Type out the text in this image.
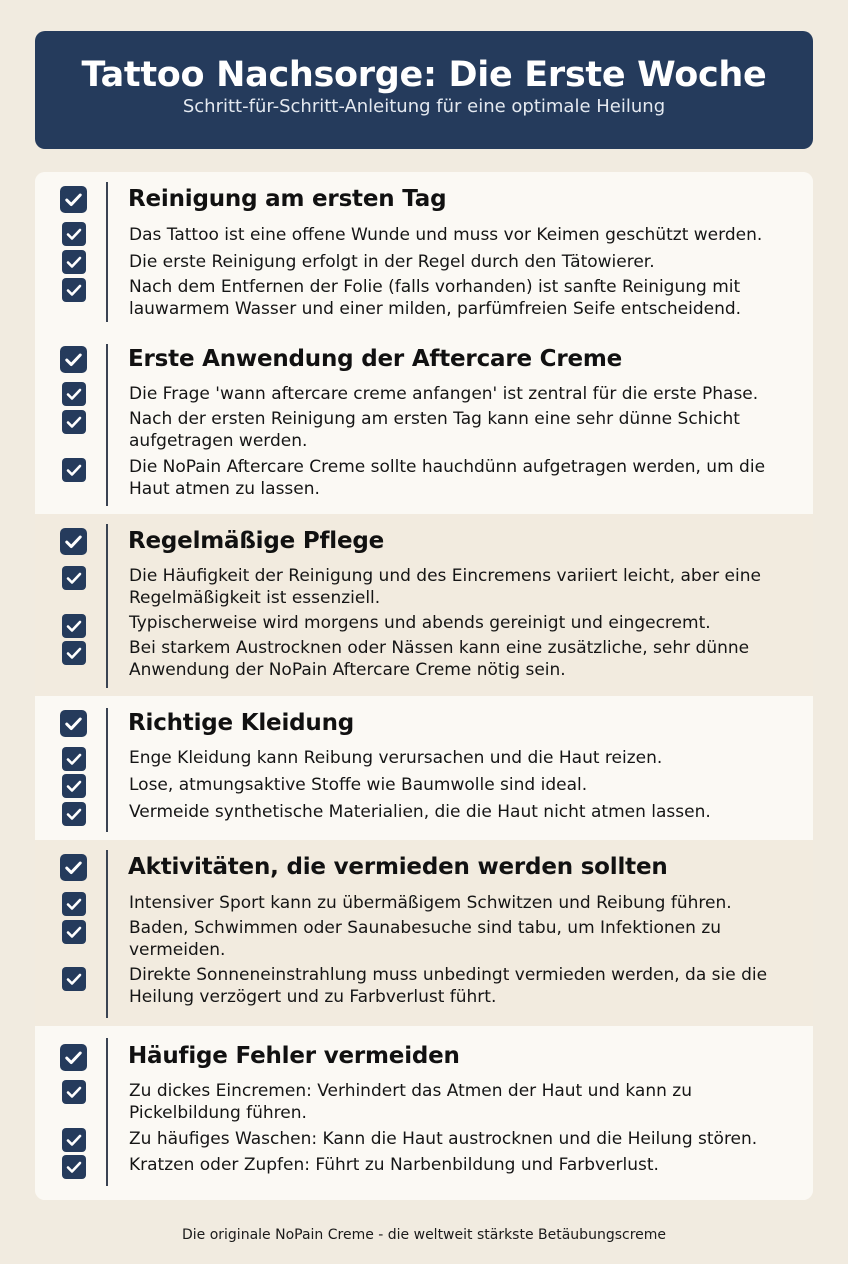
Tattoo Nachsorge: Die Erste Woche
Schritt-für-Schritt-Anleitung für eine optimale Heilung
Reinigung am ersten Tag
Das Tattoo ist eine offene Wunde und muss vor Keimen geschützt werden.
Die erste Reinigung erfolgt in der Regel durch den Tätowierer.
Nach dem Entfernen der Folie (falls vorhanden) ist sanfte Reinigung mit lauwarmem Wasser und einer milden, parfümfreien Seife entscheidend.
Erste Anwendung der Aftercare Creme
Die Frage 'wann aftercare creme anfangen' ist zentral für die erste Phase.
Nach der ersten Reinigung am ersten Tag kann eine sehr dünne Schicht aufgetragen werden.
Die NoPain Aftercare Creme sollte hauchdünn aufgetragen werden, um die Haut atmen zu lassen.
Regelmäßige Pflege
Die Häufigkeit der Reinigung und des Eincremens variiert leicht, aber eine Regelmäßigkeit ist essenziell.
Typischerweise wird morgens und abends gereinigt und eingecremt.
Bei starkem Austrocknen oder Nässen kann eine zusätzliche, sehr dünne Anwendung der NoPain Aftercare Creme nötig sein.
Richtige Kleidung
Enge Kleidung kann Reibung verursachen und die Haut reizen.
Lose, atmungsaktive Stoffe wie Baumwolle sind ideal.
Vermeide synthetische Materialien, die die Haut nicht atmen lassen.
Aktivitäten, die vermieden werden sollten
Intensiver Sport kann zu übermäßigem Schwitzen und Reibung führen.
Baden, Schwimmen oder Saunabesuche sind tabu, um Infektionen zu vermeiden.
Direkte Sonneneinstrahlung muss unbedingt vermieden werden, da sie die Heilung verzögert und zu Farbverlust führt.
Häufige Fehler vermeiden
Zu dickes Eincremen: Verhindert das Atmen der Haut und kann zu Pickelbildung führen.
Zu häufiges Waschen: Kann die Haut austrocknen und die Heilung stören.
Kratzen oder Zupfen: Führt zu Narbenbildung und Farbverlust.
Die originale NoPain Creme - die weltweit stärkste Betäubungscreme
